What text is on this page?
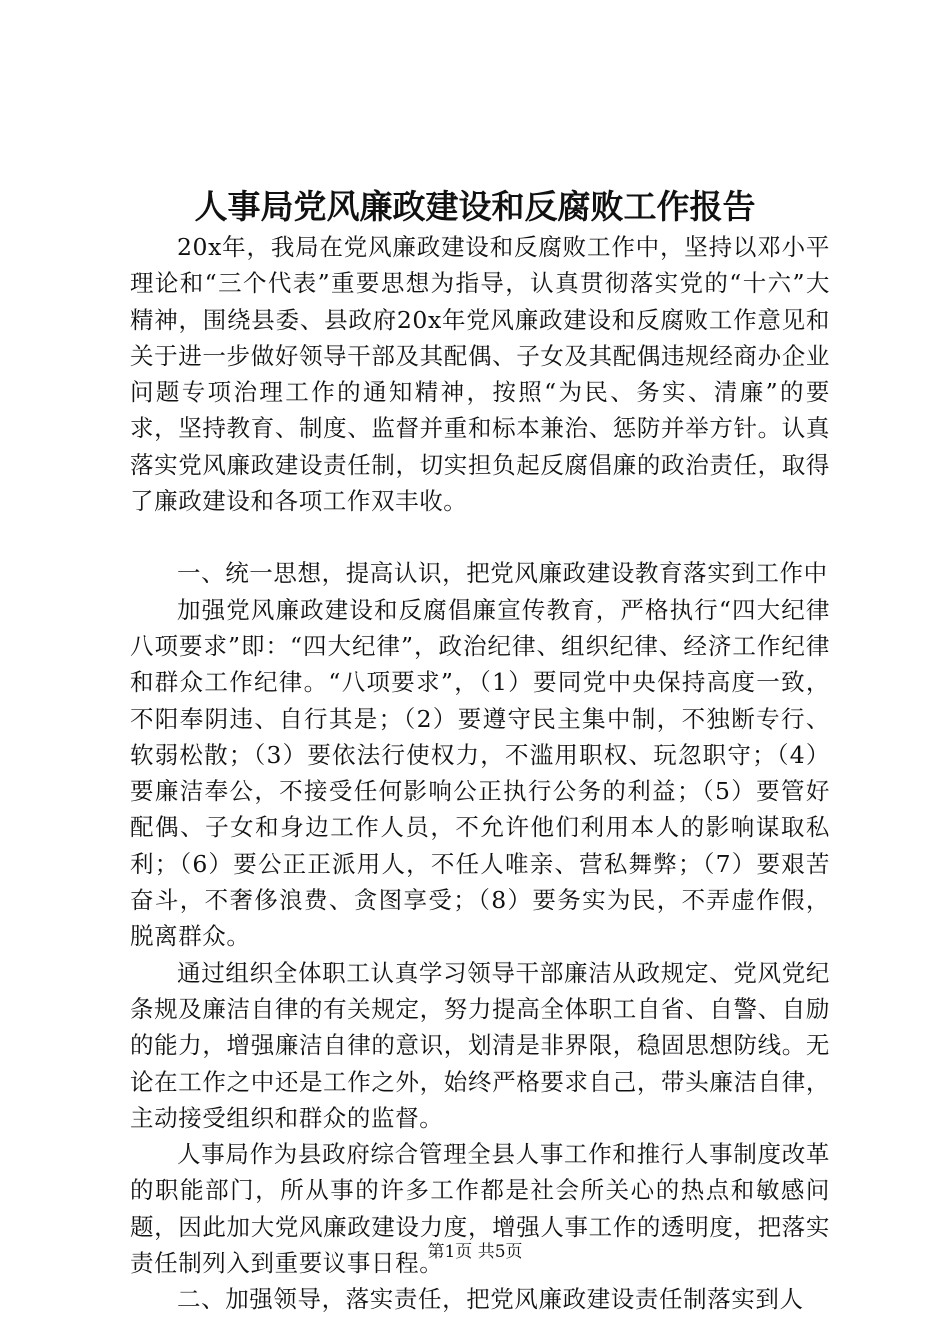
人事局党风廉政建设和反腐败工作报告

20x年，我局在党风廉政建设和反腐败工作中，坚持以邓小平理论和“三个代表”重要思想为指导，认真贯彻落实党的“十六”大精神，围绕县委、县政府20x年党风廉政建设和反腐败工作意见和关于进一步做好领导干部及其配偶、子女及其配偶违规经商办企业问题专项治理工作的通知精神，按照“为民、务实、清廉”的要求，坚持教育、制度、监督并重和标本兼治、惩防并举方针。认真落实党风廉政建设责任制，切实担负起反腐倡廉的政治责任，取得了廉政建设和各项工作双丰收。

一、统一思想，提高认识，把党风廉政建设教育落实到工作中

加强党风廉政建设和反腐倡廉宣传教育，严格执行“四大纪律八项要求”即：“四大纪律”，政治纪律、组织纪律、经济工作纪律和群众工作纪律。“八项要求”，（1）要同党中央保持高度一致，不阳奉阴违、自行其是；（2）要遵守民主集中制，不独断专行、软弱松散；（3）要依法行使权力，不滥用职权、玩忽职守；（4）要廉洁奉公，不接受任何影响公正执行公务的利益；（5）要管好配偶、子女和身边工作人员，不允许他们利用本人的影响谋取私利；（6）要公正正派用人，不任人唯亲、营私舞弊；（7）要艰苦奋斗，不奢侈浪费、贪图享受；（8）要务实为民，不弄虚作假，脱离群众。

通过组织全体职工认真学习领导干部廉洁从政规定、党风党纪条规及廉洁自律的有关规定，努力提高全体职工自省、自警、自励的能力，增强廉洁自律的意识，划清是非界限，稳固思想防线。无论在工作之中还是工作之外，始终严格要求自己，带头廉洁自律，主动接受组织和群众的监督。

人事局作为县政府综合管理全县人事工作和推行人事制度改革的职能部门，所从事的许多工作都是社会所关心的热点和敏感问题，因此加大党风廉政建设力度，增强人事工作的透明度，把落实责任制列入到重要议事日程。

二、加强领导，落实责任，把党风廉政建设责任制落实到人

第1页 共5页
